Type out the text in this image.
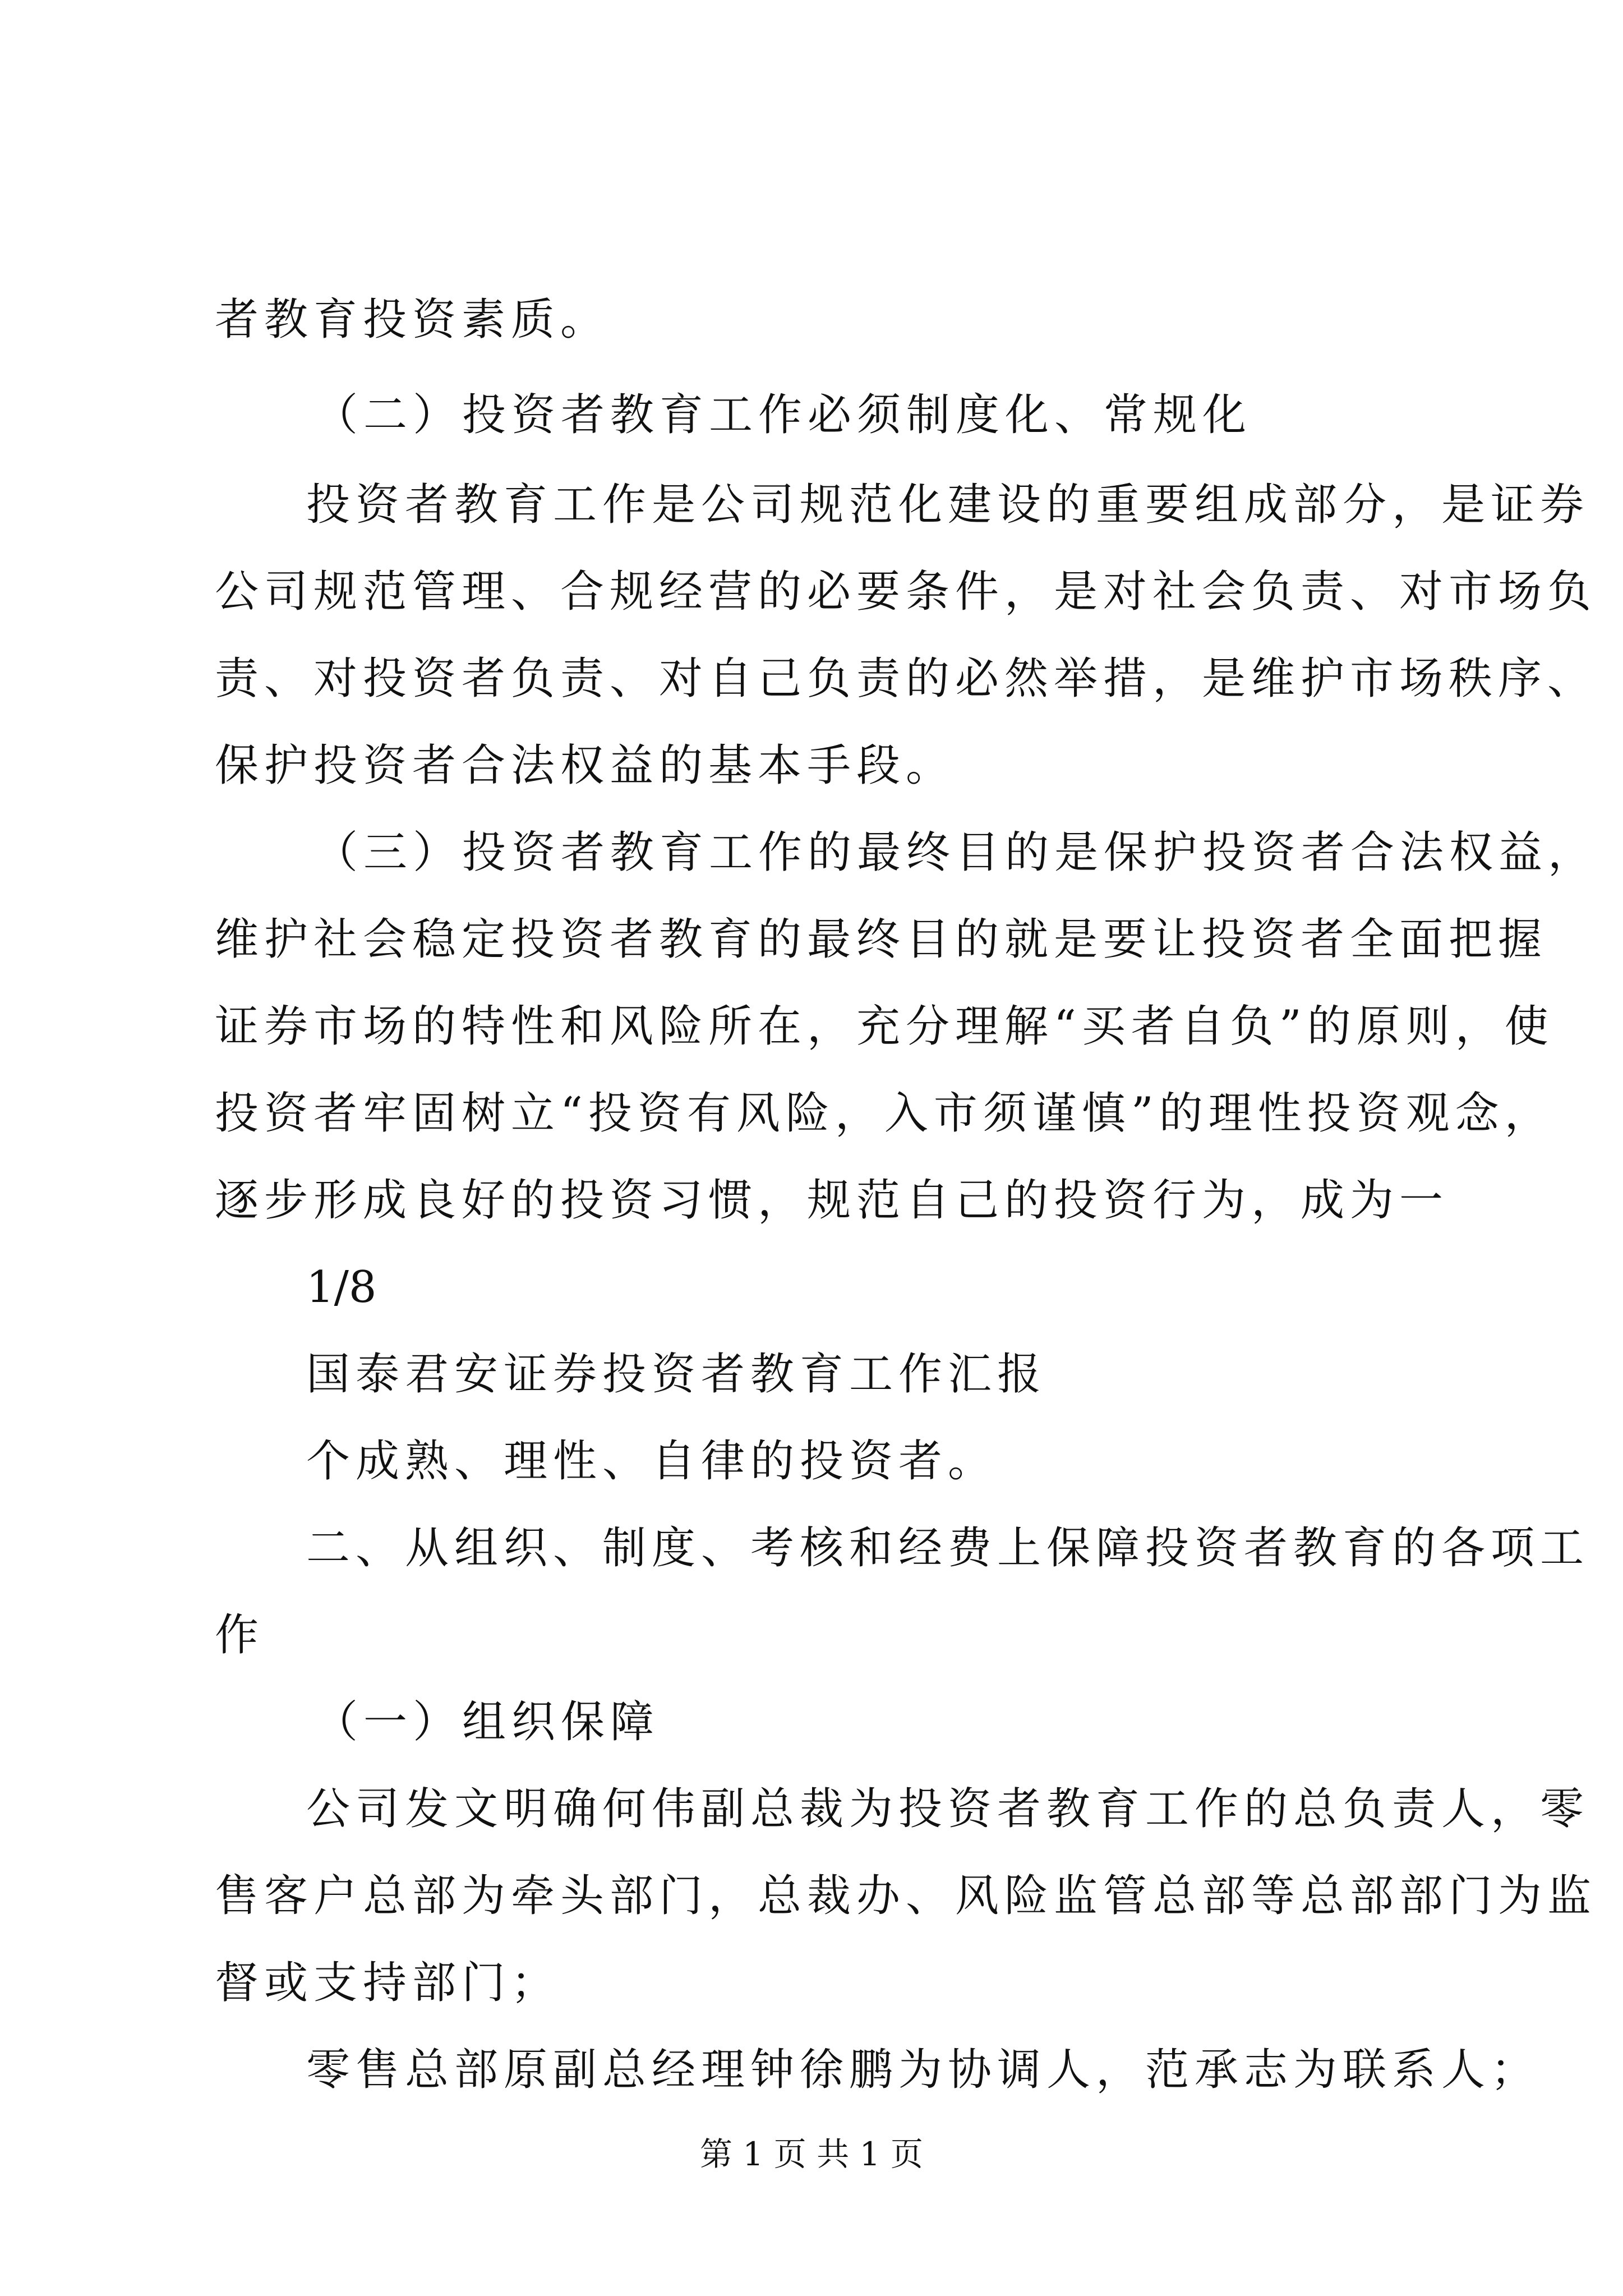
者教育投资素质。

（二）投资者教育工作必须制度化、常规化

投资者教育工作是公司规范化建设的重要组成部分，是证券

公司规范管理、合规经营的必要条件，是对社会负责、对市场负

责、对投资者负责、对自己负责的必然举措，是维护市场秩序、

保护投资者合法权益的基本手段。

（三）投资者教育工作的最终目的是保护投资者合法权益，

维护社会稳定投资者教育的最终目的就是要让投资者全面把握

证券市场的特性和风险所在，充分理解“买者自负”的原则，使

投资者牢固树立“投资有风险，入市须谨慎”的理性投资观念，

逐步形成良好的投资习惯，规范自己的投资行为，成为一

1/8

国泰君安证券投资者教育工作汇报

个成熟、理性、自律的投资者。

二、从组织、制度、考核和经费上保障投资者教育的各项工

作

（一）组织保障

公司发文明确何伟副总裁为投资者教育工作的总负责人，零

售客户总部为牵头部门，总裁办、风险监管总部等总部部门为监

督或支持部门；

零售总部原副总经理钟徐鹏为协调人，范承志为联系人；

第 1 页 共 1 页
